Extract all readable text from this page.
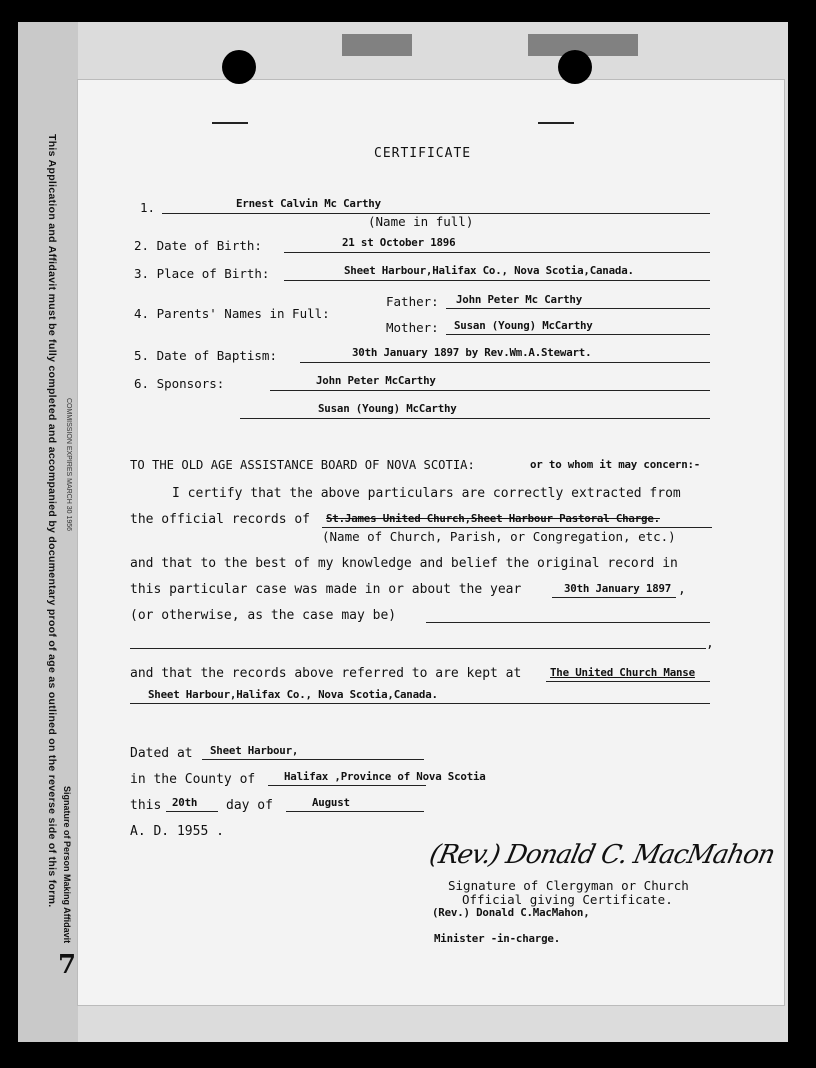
This Application and Affidavit must be fully completed and accompanied by documentary proof of age as outlined on the reverse side of this form. COMMISSION EXPIRES MARCH 30 1956
Signature of Person Making Affidavit
7
CERTIFICATE
1.	Ernest Calvin Mc Carthy
(Name in full)
2. Date of Birth:	21 st October 1896
3. Place of Birth:	Sheet Harbour,Halifax Co., Nova Scotia,Canada.
4. Parents' Names in Full:
Father: John Peter Mc Carthy
Mother: Susan (Young) McCarthy
5. Date of Baptism:	30th January 1897 by Rev.Wm.A.Stewart.
6. Sponsors:	John Peter McCarthy
Susan (Young) McCarthy
TO THE OLD AGE ASSISTANCE BOARD OF NOVA SCOTIA:	or to whom it may concern:-
I certify that the above particulars are correctly extracted from
the official records of St.James United Church,Sheet Harbour Pastoral Charge.
(Name of Church, Parish, or Congregation, etc.)
and that to the best of my knowledge and belief the original record in
this particular case was made in or about the year	30th January 1897 ,
(or otherwise, as the case may be)
,
and that the records above referred to are kept at	The United Church Manse
Sheet Harbour,Halifax Co., Nova Scotia,Canada.
Dated at Sheet Harbour,
in the County of	Halifax ,Province of Nova Scotia
this 20th day of	August
A. D. 1955 .
(Rev.) Donald C. MacMahon
Signature of Clergyman or Church
Official giving Certificate.
(Rev.) Donald C.MacMahon,
Minister -in-charge.
